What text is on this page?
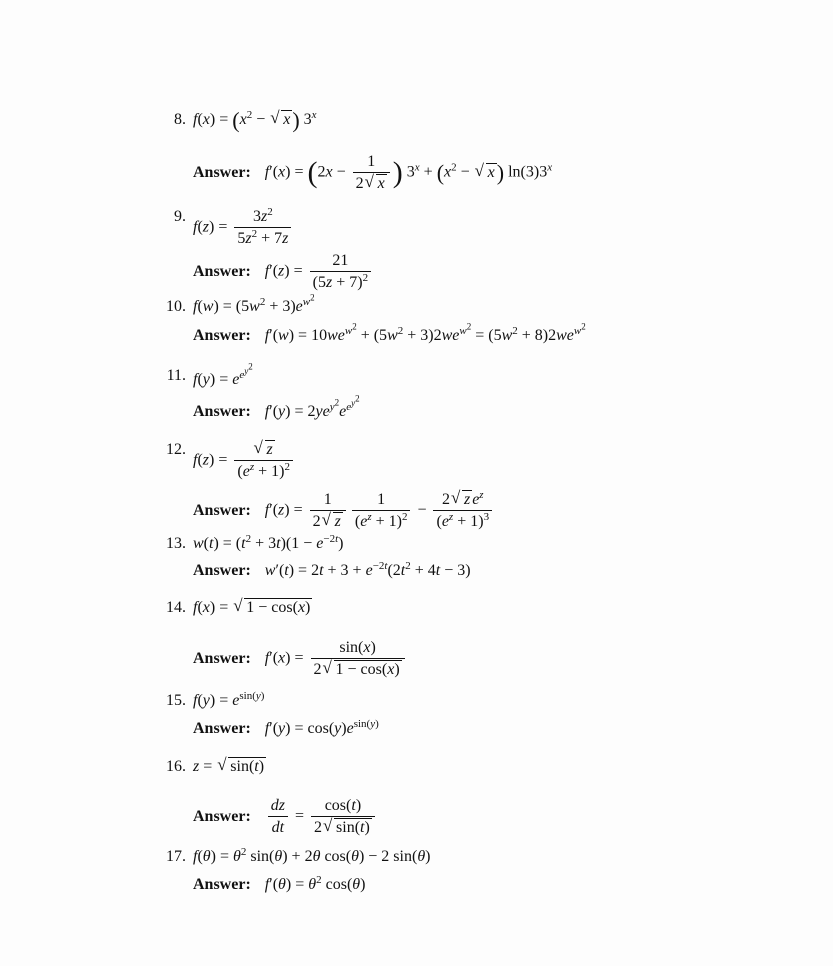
8. $f(x) = (x^2$ − √ x) 3$^x$
Answer: $f'(x) = (2x - \frac{1}{2 √ x}$ ) $3^x + (x^2$ − √ x) ln(3)3$^x$
9.
$f(z) = \frac{3z^2}{5z^2 + 7z}$
Answer: $f'(z) = \frac{21}{(5z + 7)^2}$
10. $f(w) = (5w^2 + 3)e^{w^2}$
Answer: $f'(w) = 10we^{w^2} + (5w^2 + 3)2we^{w^2} = (5w^2 + 8)2we^{w^2}$
11. $f(y) = e^{e^{y^2}}$
Answer: $f'(y) = 2ye^{y^2}e^{e^{y^2}}$
12.
f(z) = √ $\frac{z}{(e^z + 1)^2}$
Answer: $f'(z) = \frac{1}{2 √ z} \frac{1}{(e^z + 1)^2} - \frac{2 √ z e^z}{(e^z + 1)^3}$
13. $w(t) = (t^2 + 3t)(1 - e^{-2t})$
Answer: $w'(t) = 2t + 3 + e^{-2t}(2t^2 + 4t - 3)$
14. f(x) = √ 1 − cos(x)
Answer: $f'(x) = \frac{\sin(x)}{2 √ 1 - \cos(x)}$
15. $f(y) = e^{sin(y)}$
Answer: $f'(y) = \cos(y)e^{sin(y)}$
16. z = √ sin(t)
Answer: $\frac{dz}{dt} = \frac{\cos(t)}{2 √ \sin(t)}$
17. $f(\theta) = \theta^2$ sin(θ) + 2θ cos(θ) − 2 sin(θ)
Answer: $f'(\theta) = \theta^2$ cos(θ)
